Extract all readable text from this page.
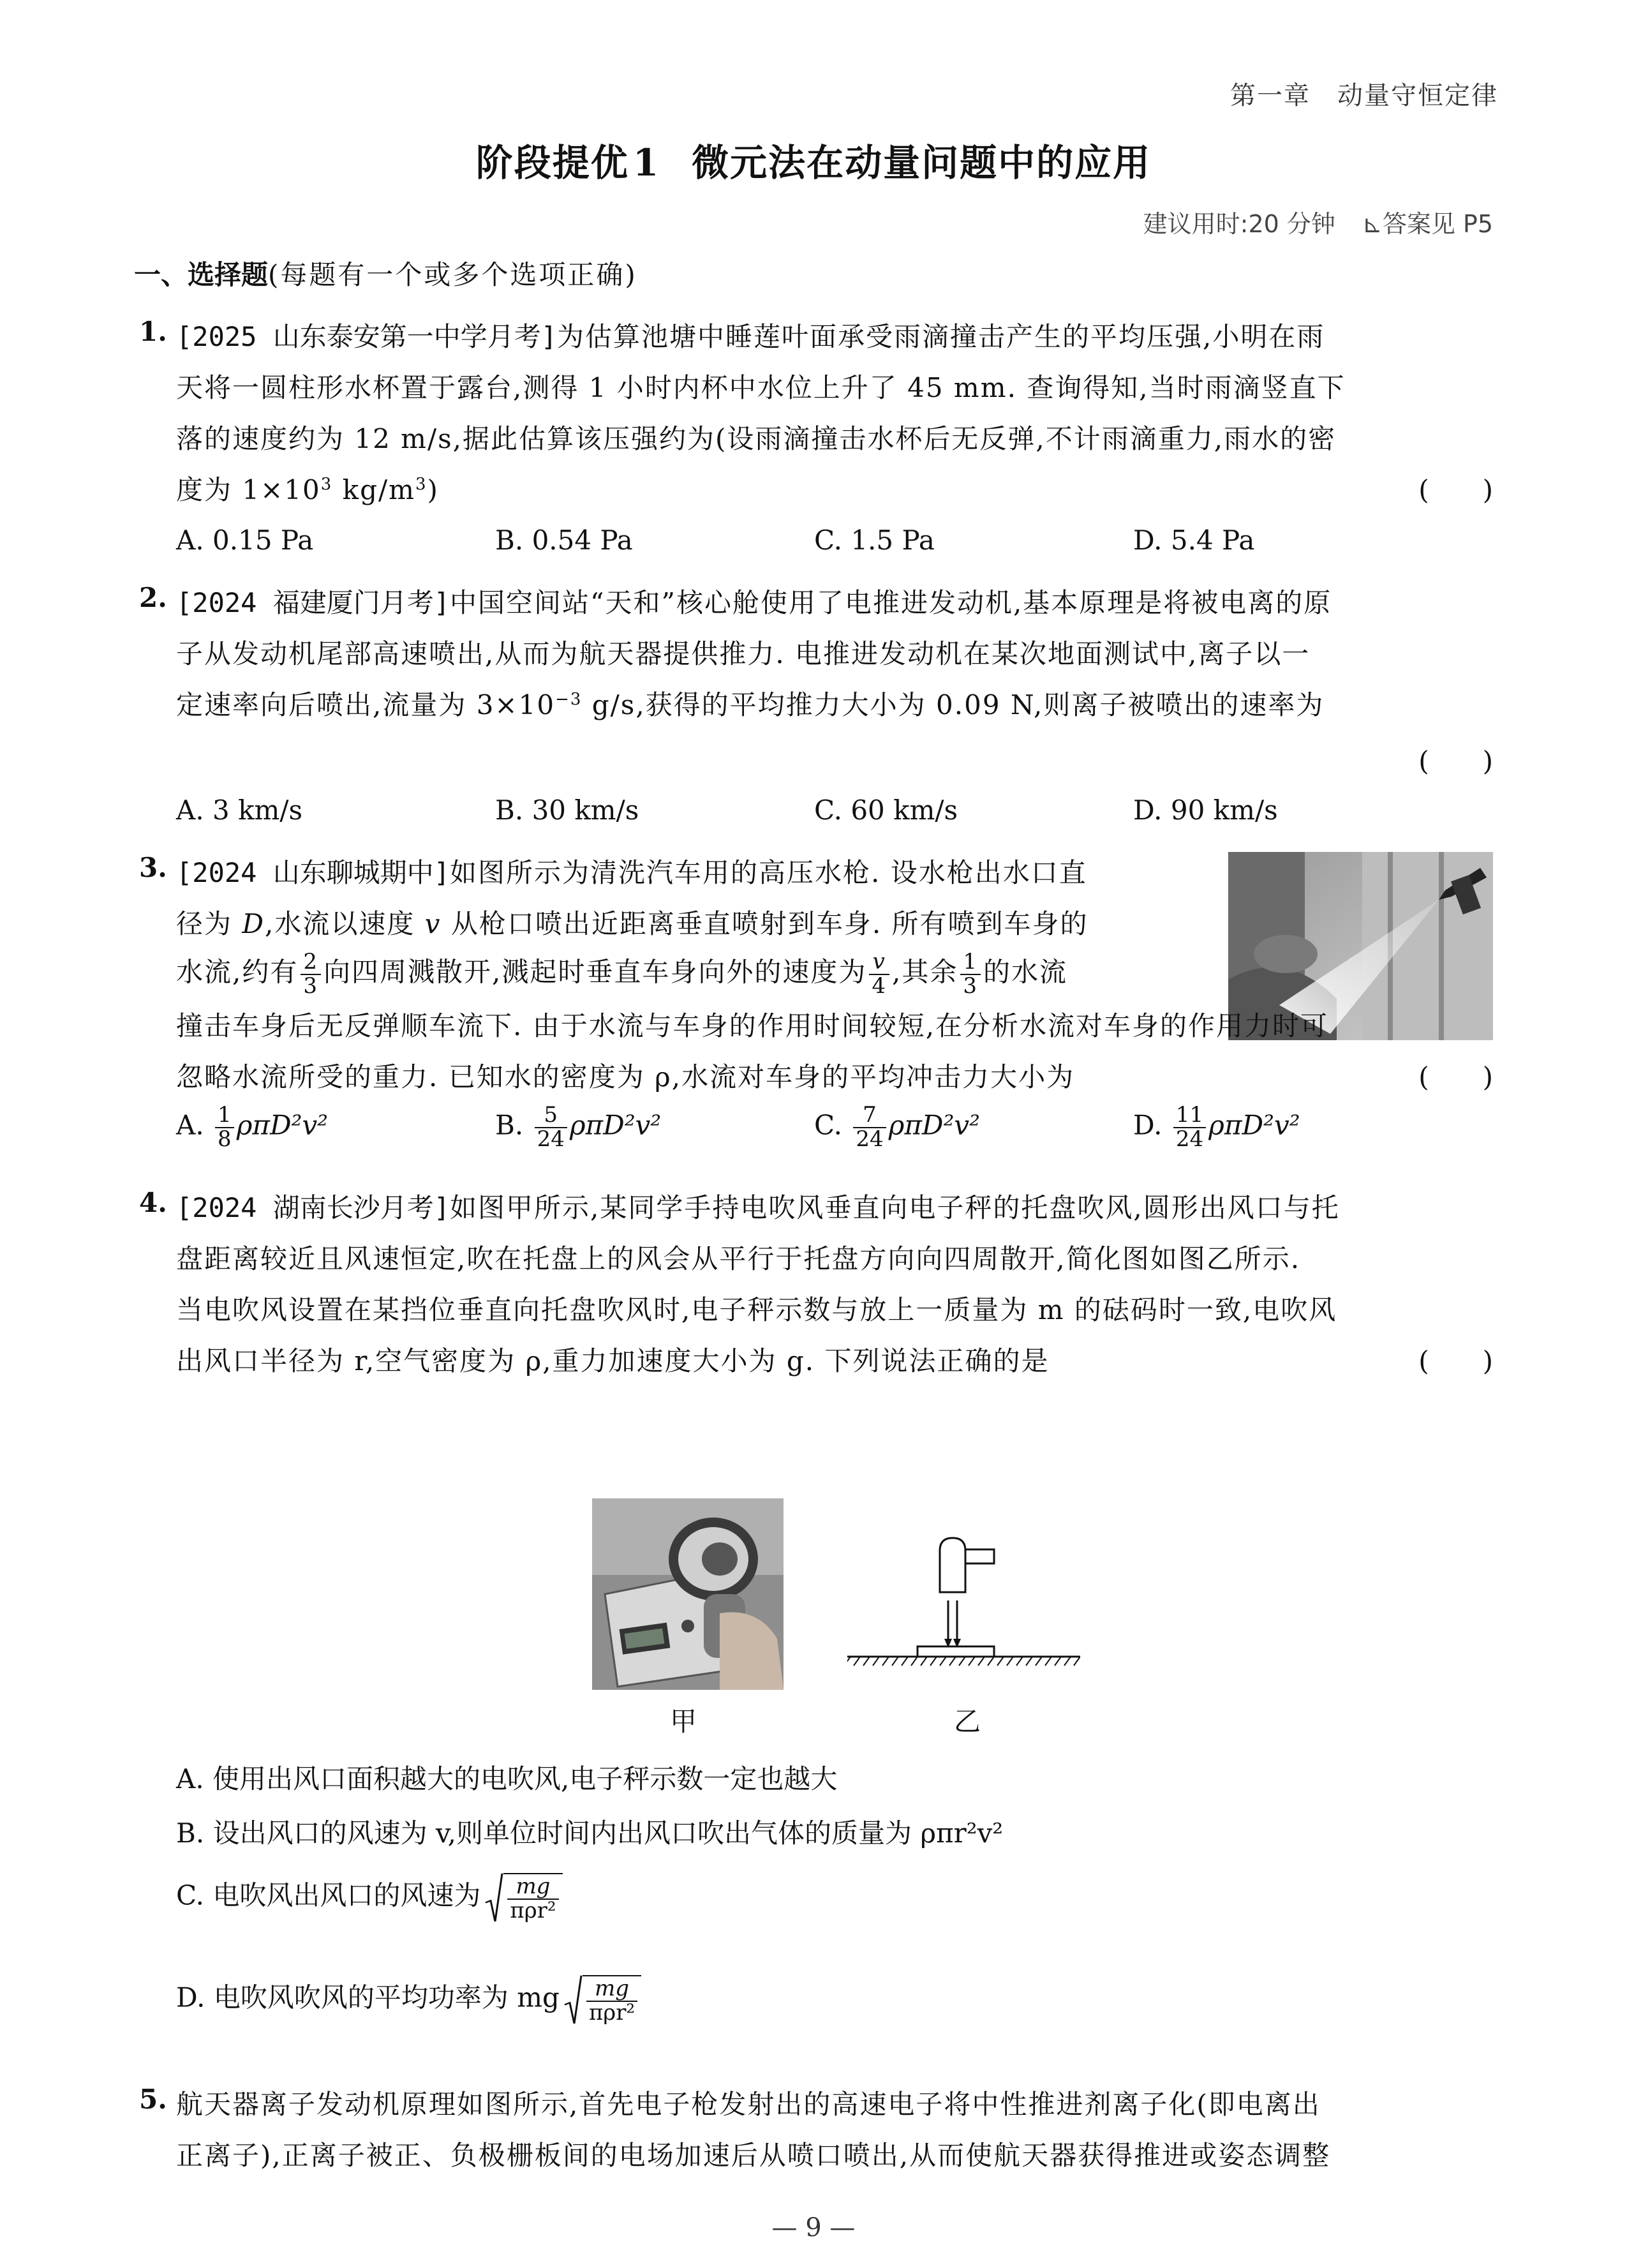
第一章　动量守恒定律
阶段提优 1 微元法在动量问题中的应用
建议用时:20 分钟 ⊾答案见 P5
一、选择题(每题有一个或多个选项正确)
1. [2025 山东泰安第一中学月考]为估算池塘中睡莲叶面承受雨滴撞击产生的平均压强,小明在雨
天将一圆柱形水杯置于露台,测得 1 小时内杯中水位上升了 45 mm. 查询得知,当时雨滴竖直下
落的速度约为 12 m/s,据此估算该压强约为(设雨滴撞击水杯后无反弹,不计雨滴重力,雨水的密
度为 $1\times 10^3$ $kg/m^3$)	(　　)
A. 0.15 Pa	B. 0.54 Pa	C. 1.5 Pa	D. 5.4 Pa
2. [2024 福建厦门月考]中国空间站“天和”核心舱使用了电推进发动机,基本原理是将被电离的原
子从发动机尾部高速喷出,从而为航天器提供推力. 电推进发动机在某次地面测试中,离子以一
定速率向后喷出,流量为 $3\times 10^{-3}$ g/s,获得的平均推力大小为 0.09 N,则离子被喷出的速率为
(　　)
A. 3 km/s	B. 30 km/s	C. 60 km/s	D. 90 km/s
3. [2024 山东聊城期中]如图所示为清洗汽车用的高压水枪. 设水枪出水口直
径为 D,水流以速度 v 从枪口喷出近距离垂直喷射到车身. 所有喷到车身的
水流,约有 $\frac{2}{3}$ 向四周溅散开,溅起时垂直车身向外的速度为 $\frac{v}{4}$ ,其余 $\frac{1}{3}$ 的水流
撞击车身后无反弹顺车流下. 由于水流与车身的作用时间较短,在分析水流对车身的作用力时可
忽略水流所受的重力. 已知水的密度为 ρ,水流对车身的平均冲击力大小为	(　　)
A. $\frac{1}{8} \rho\pi D^2v^2$	B. $\frac{5}{24} \rho\pi D^2v^2$	C. $\frac{7}{24} \rho\pi D^2v^2$	D. $\frac{11}{24} \rho\pi D^2v^2$
4. [2024 湖南长沙月考]如图甲所示,某同学手持电吹风垂直向电子秤的托盘吹风,圆形出风口与托
盘距离较近且风速恒定,吹在托盘上的风会从平行于托盘方向向四周散开,简化图如图乙所示.
当电吹风设置在某挡位垂直向托盘吹风时,电子秤示数与放上一质量为 m 的砝码时一致,电吹风
出风口半径为 r,空气密度为 ρ,重力加速度大小为 g. 下列说法正确的是	(　　)
甲	乙
A. 使用出风口面积越大的电吹风,电子秤示数一定也越大
B. 设出风口的风速为 v,则单位时间内出风口吹出气体的质量为 ρπr²v²
C. 电吹风出风口的风速为 $\frac{mg}{\text{πρr²}}$
D. 电吹风吹风的平均功率为 mg $\frac{mg}{\text{πρr²}}$
5. 航天器离子发动机原理如图所示,首先电子枪发射出的高速电子将中性推进剂离子化(即电离出
正离子),正离子被正、负极栅板间的电场加速后从喷口喷出,从而使航天器获得推进或姿态调整
— 9 —
